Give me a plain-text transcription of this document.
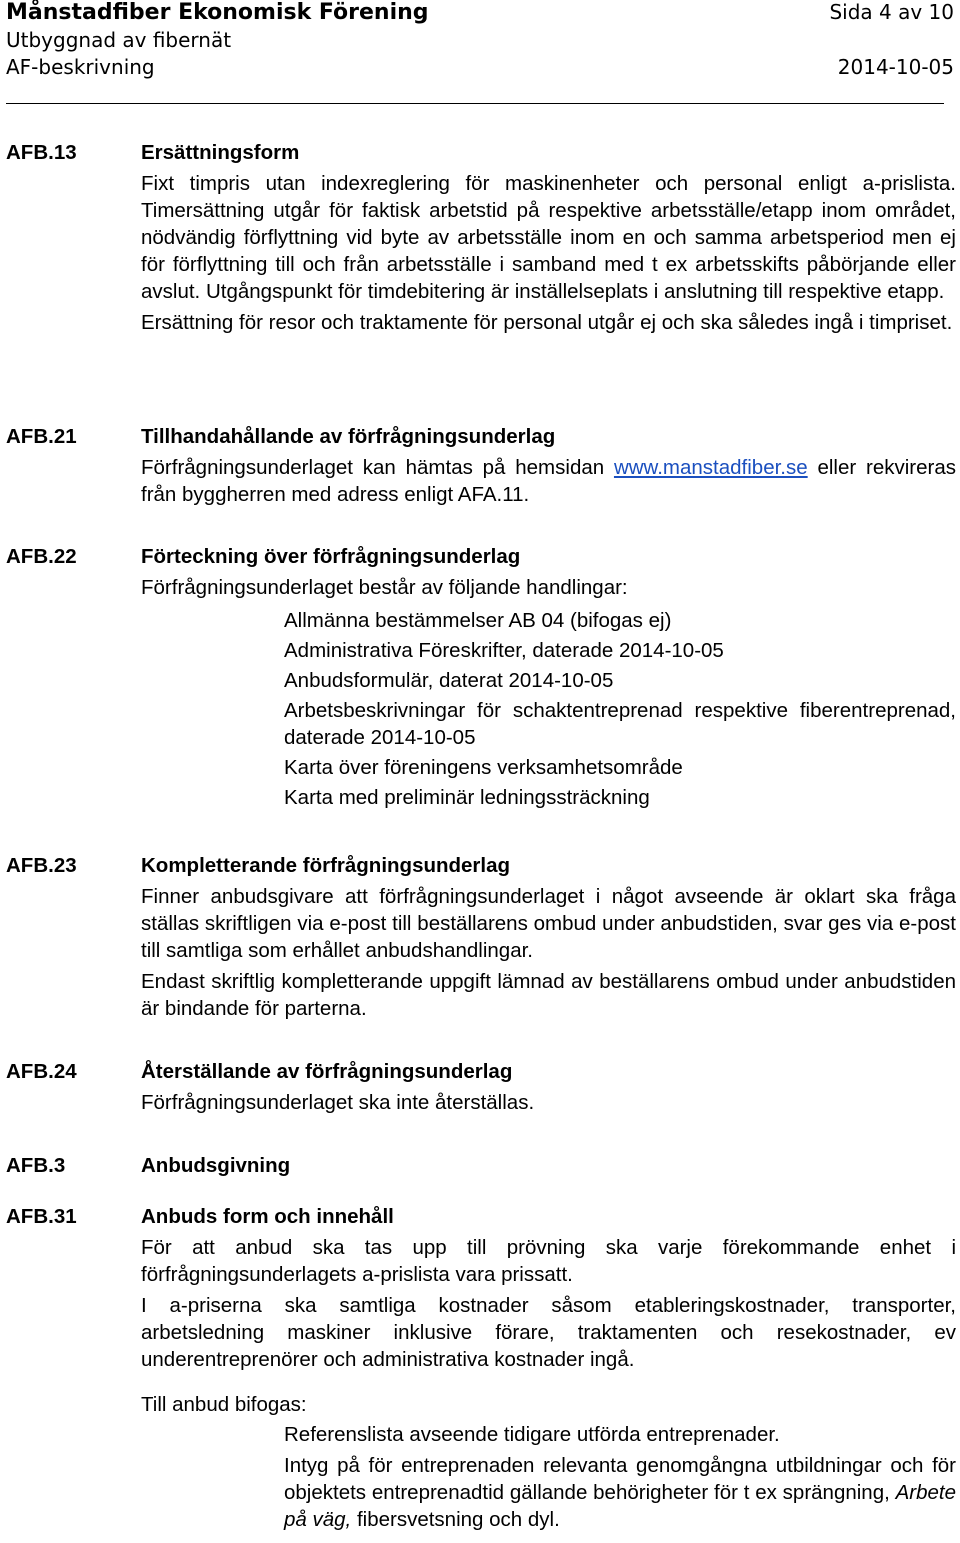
Månstadfiber Ekonomisk Förening	Sida 4 av 10
Utbyggnad av fibernät
AF-beskrivning	2014-10-05
AFB.13	Ersättningsform

Fixt timpris utan indexreglering för maskinenheter och personal enligt a-prislista. Timersättning utgår för faktisk arbetstid på respektive arbetsställe/etapp inom området, nödvändig förflyttning vid byte av arbetsställe inom en och samma arbetsperiod men ej för förflyttning till och från arbetsställe i samband med t ex arbetsskifts påbörjande eller avslut. Utgångspunkt för timdebitering är inställelseplats i anslutning till respektive etapp.

Ersättning för resor och traktamente för personal utgår ej och ska således ingå i timpriset.

AFB.21	Tillhandahållande av förfrågningsunderlag

Förfrågningsunderlaget kan hämtas på hemsidan www.manstadfiber.se eller rekvireras från byggherren med adress enligt AFA.11.

AFB.22	Förteckning över förfrågningsunderlag

Förfrågningsunderlaget består av följande handlingar:

Allmänna bestämmelser AB 04 (bifogas ej)

Administrativa Föreskrifter, daterade 2014-10-05

Anbudsformulär, daterat 2014-10-05

Arbetsbeskrivningar för schaktentreprenad respektive fiberentreprenad, daterade 2014-10-05

Karta över föreningens verksamhetsområde

Karta med preliminär ledningssträckning

AFB.23	Kompletterande förfrågningsunderlag

Finner anbudsgivare att förfrågningsunderlaget i något avseende är oklart ska fråga ställas skriftligen via e-post till beställarens ombud under anbudstiden, svar ges via e-post till samtliga som erhållet anbudshandlingar.

Endast skriftlig kompletterande uppgift lämnad av beställarens ombud under anbudstiden är bindande för parterna.

AFB.24	Återställande av förfrågningsunderlag

Förfrågningsunderlaget ska inte återställas.

AFB.3	Anbudsgivning
AFB.31	Anbuds form och innehåll

För att anbud ska tas upp till prövning ska varje förekommande enhet i förfrågningsunderlagets a-prislista vara prissatt.

I a-priserna ska samtliga kostnader såsom etableringskostnader, transporter, arbetsledning maskiner inklusive förare, traktamenten och resekostnader, ev underentreprenörer och administrativa kostnader ingå.

Till anbud bifogas:

Referenslista avseende tidigare utförda entreprenader.

Intyg på för entreprenaden relevanta genomgångna utbildningar och för objektets entreprenadtid gällande behörigheter för t ex sprängning, Arbete på väg, fibersvetsning och dyl.
